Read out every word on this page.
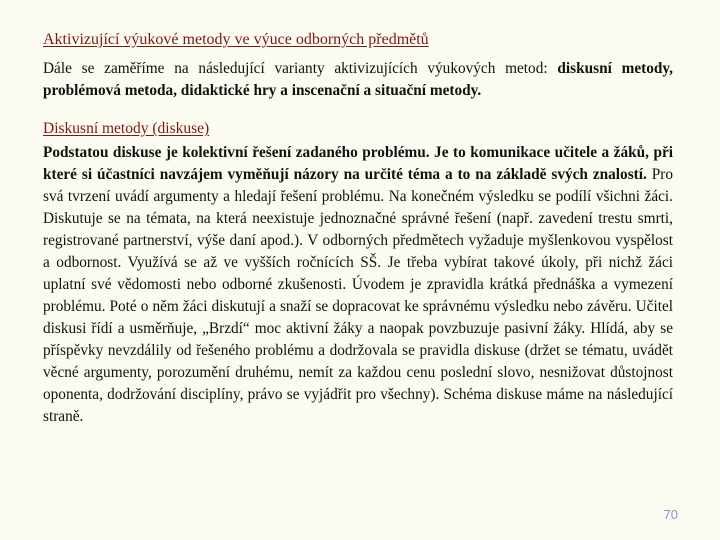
Aktivizující výukové metody ve výuce odborných předmětů

Dále se zaměříme na následující varianty aktivizujících výukových metod: diskusní metody, problémová metoda, didaktické hry a inscenační a situační metody.

Diskusní metody (diskuse)

Podstatou diskuse je kolektivní řešení zadaného problému. Je to komunikace učitele a žáků, při které si účastníci navzájem vyměňují názory na určité téma a to na základě svých znalostí. Pro svá tvrzení uvádí argumenty a hledají řešení problému. Na konečném výsledku se podílí všichni žáci. Diskutuje se na témata, na která neexistuje jednoznačné správné řešení (např. zavedení trestu smrti, registrované partnerství, výše daní apod.). V odborných předmětech vyžaduje myšlenkovou vyspělost a odbornost. Využívá se až ve vyšších ročnících SŠ. Je třeba vybírat takové úkoly, při nichž žáci uplatní své vědomosti nebo odborné zkušenosti. Úvodem je zpravidla krátká přednáška a vymezení problému. Poté o něm žáci diskutují a snaží se dopracovat ke správnému výsledku nebo závěru. Učitel diskusi řídí a usměrňuje, „Brzdí“ moc aktivní žáky a naopak povzbuzuje pasivní žáky. Hlídá, aby se příspěvky nevzdálily od řešeného problému a dodržovala se pravidla diskuse (držet se tématu, uvádět věcné argumenty, porozumění druhému, nemít za každou cenu poslední slovo, nesnižovat důstojnost oponenta, dodržování disciplíny, právo se vyjádřit pro všechny). Schéma diskuse máme na následující straně.

70
